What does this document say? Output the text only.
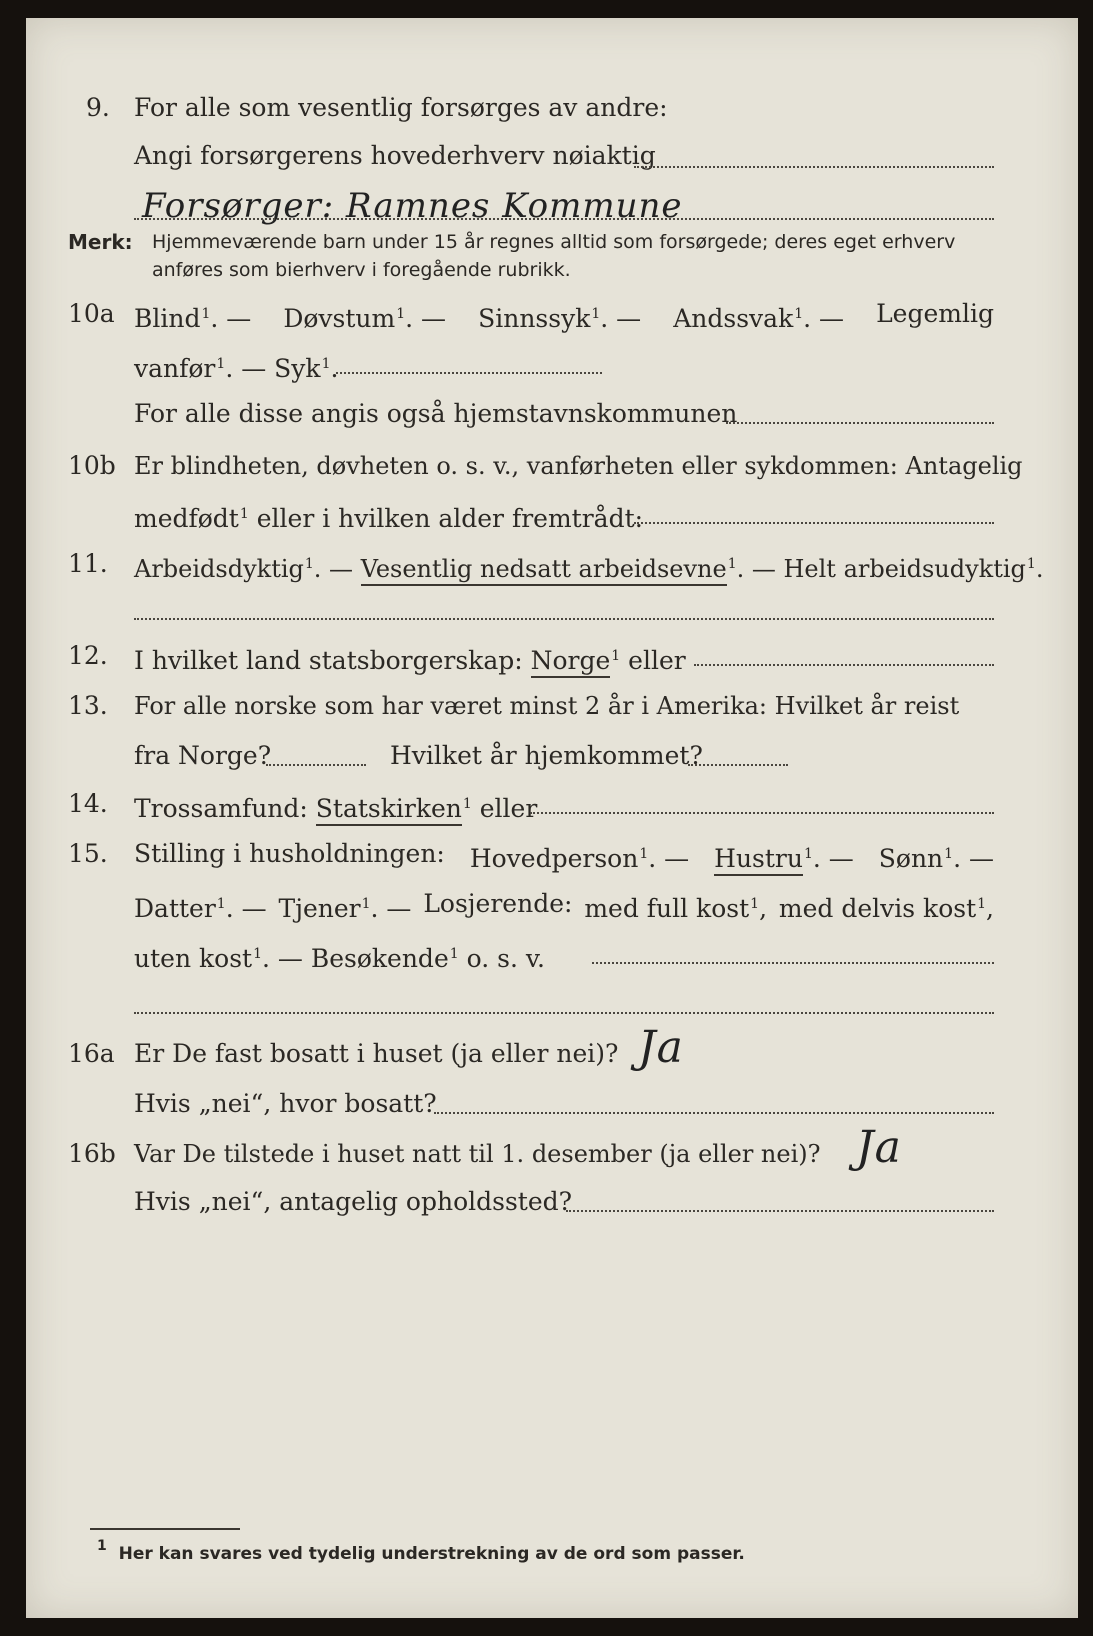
9. For alle som vesentlig forsørges av andre:
Angi forsørgerens hovederhverv nøiaktig
Forsørger: Ramnes Kommune
Merk: Hjemmeværende barn under 15 år regnes alltid som forsørgede; deres eget erhverv anføres som bierhverv i foregående rubrikk.
10a Blind$^1$. — Døvstum$^1$. — Sinnssyk$^1$. — Andssvak$^1$. — Legemlig
vanfør$^1$. — Syk$^1$.
For alle disse angis også hjemstavnskommunen
10b Er blindheten, døvheten o. s. v., vanførheten eller sykdommen: Antagelig
medfødt$^1$ eller i hvilken alder fremtrådt:
11. Arbeidsdyktig$^1$. — Vesentlig nedsatt arbeidsevne$^1$. — Helt arbeidsudyktig$^1$.
12. I hvilket land statsborgerskap: Norge$^1$ eller
13. For alle norske som har været minst 2 år i Amerika: Hvilket år reist
fra Norge?	Hvilket år hjemkommet?
14. Trossamfund: Statskirken$^1$ eller
15. Stilling i husholdningen: Hovedperson$^1$. — Hustru$^1$. — Sønn$^1$. —
Datter$^1$. — Tjener$^1$. — Losjerende: med full kost$^1$, med delvis kost$^1$,
uten kost$^1$. — Besøkende$^1$ o. s. v.
16a Er De fast bosatt i huset (ja eller nei)? Ja
Hvis „nei“, hvor bosatt?
16b Var De tilstede i huset natt til 1. desember (ja eller nei)? Ja
Hvis „nei“, antagelig opholdssted?
$^1$ Her kan svares ved tydelig understrekning av de ord som passer.
